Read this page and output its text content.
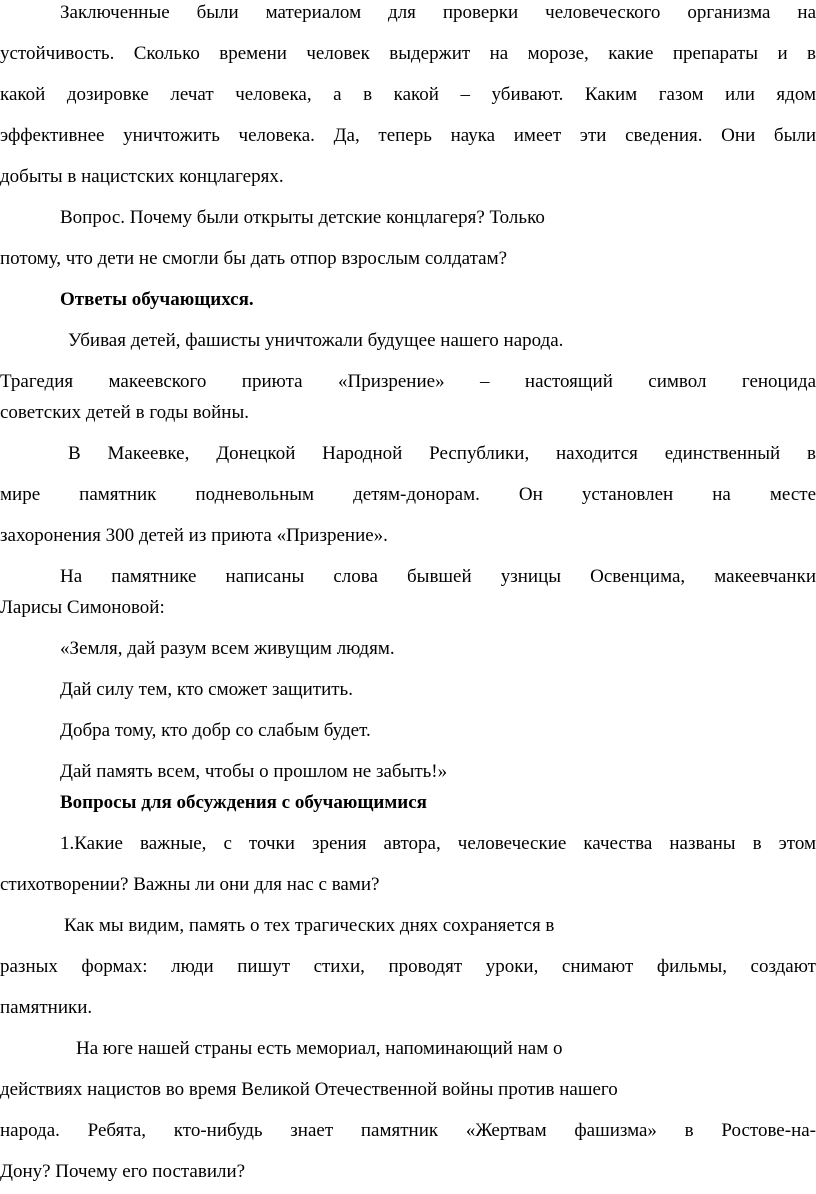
Заключенные были материалом для проверки человеческого организма на
устойчивость. Сколько времени человек выдержит на морозе, какие препараты и в
какой дозировке лечат человека, а в какой – убивают. Каким газом или ядом
эффективнее уничтожить человека. Да, теперь наука имеет эти сведения. Они были
добыты в нацистских концлагерях.
Вопрос. Почему были открыты детские концлагеря? Только
потому, что дети не смогли бы дать отпор взрослым солдатам?
Ответы обучающихся.
Убивая детей, фашисты уничтожали будущее нашего народа.
Трагедия макеевского приюта «Призрение» – настоящий символ геноцида
советских детей в годы войны.
В Макеевке, Донецкой Народной Республики, находится единственный в
мире памятник подневольным детям-донорам. Он установлен на месте
захоронения 300 детей из приюта «Призрение».
На памятнике написаны слова бывшей узницы Освенцима, макеевчанки
Ларисы Симоновой:
«Земля, дай разум всем живущим людям.
Дай силу тем, кто сможет защитить.
Добра тому, кто добр со слабым будет.
Дай память всем, чтобы о прошлом не забыть!»
Вопросы для обсуждения с обучающимися
1.Какие важные, с точки зрения автора, человеческие качества названы в этом
стихотворении? Важны ли они для нас с вами?
Как мы видим, память о тех трагических днях сохраняется в
разных формах: люди пишут стихи, проводят уроки, снимают фильмы, создают
памятники.
На юге нашей страны есть мемориал, напоминающий нам о
действиях нацистов во время Великой Отечественной войны против нашего
народа. Ребята, кто-нибудь знает памятник «Жертвам фашизма» в Ростове-на-
Дону? Почему его поставили?
